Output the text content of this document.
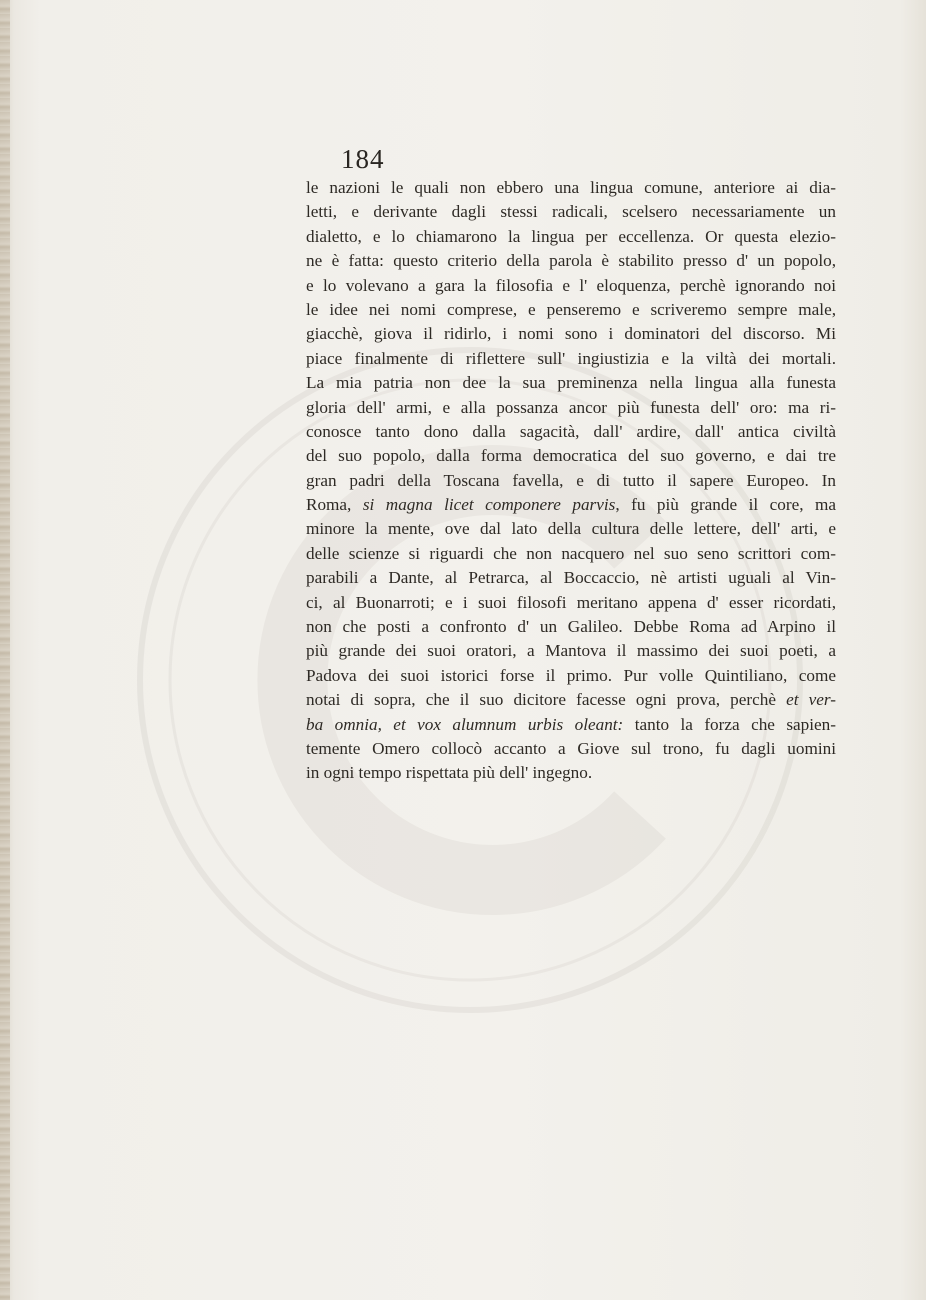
184
le nazioni le quali non ebbero una lingua comune, anteriore ai dia-
letti, e derivante dagli stessi radicali, scelsero necessariamente un
dialetto, e lo chiamarono la lingua per eccellenza. Or questa elezio-
ne è fatta: questo criterio della parola è stabilito presso d' un popolo,
e lo volevano a gara la filosofia e l' eloquenza, perchè ignorando noi
le idee nei nomi comprese, e penseremo e scriveremo sempre male,
giacchè, giova il ridirlo, i nomi sono i dominatori del discorso. Mi
piace finalmente di riflettere sull' ingiustizia e la viltà dei mortali.
La mia patria non dee la sua preminenza nella lingua alla funesta
gloria dell' armi, e alla possanza ancor più funesta dell' oro: ma ri-
conosce tanto dono dalla sagacità, dall' ardire, dall' antica civiltà
del suo popolo, dalla forma democratica del suo governo, e dai tre
gran padri della Toscana favella, e di tutto il sapere Europeo. In
Roma, si magna licet componere parvis, fu più grande il core, ma
minore la mente, ove dal lato della cultura delle lettere, dell' arti, e
delle scienze si riguardi che non nacquero nel suo seno scrittori com-
parabili a Dante, al Petrarca, al Boccaccio, nè artisti uguali al Vin-
ci, al Buonarroti; e i suoi filosofi meritano appena d' esser ricordati,
non che posti a confronto d' un Galileo. Debbe Roma ad Arpino il
più grande dei suoi oratori, a Mantova il massimo dei suoi poeti, a
Padova dei suoi istorici forse il primo. Pur volle Quintiliano, come
notai di sopra, che il suo dicitore facesse ogni prova, perchè et ver-
ba omnia, et vox alumnum urbis oleant: tanto la forza che sapien-
temente Omero collocò accanto a Giove sul trono, fu dagli uomini
in ogni tempo rispettata più dell' ingegno.
